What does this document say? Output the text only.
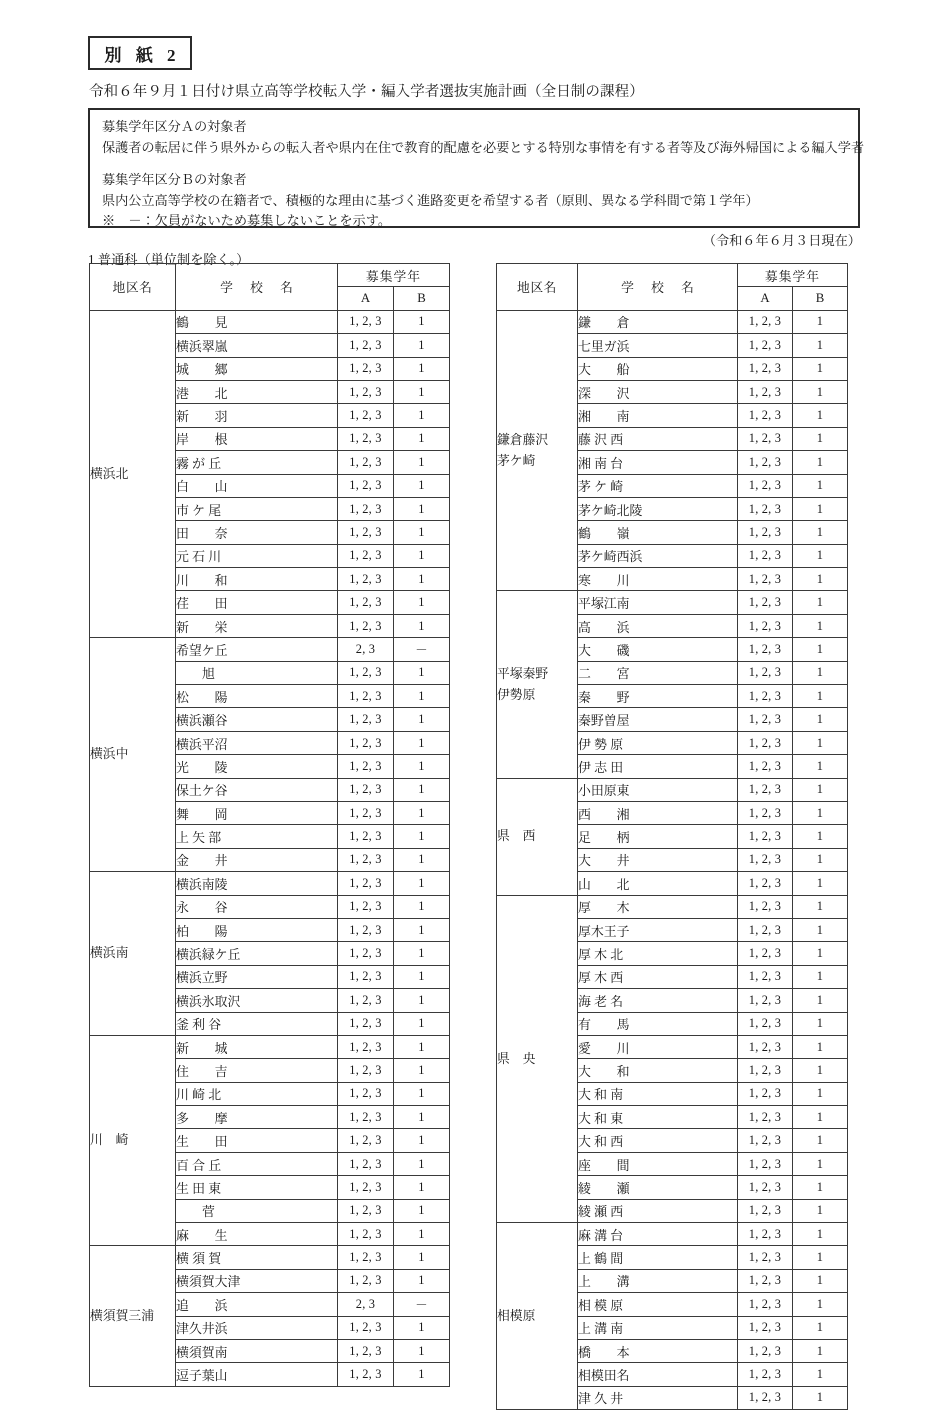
別 紙 2
令和６年９月１日付け県立高等学校転入学・編入学者選抜実施計画（全日制の課程）

募集学年区分Ａの対象者

保護者の転居に伴う県外からの転入者や県内在住で教育的配慮を必要とする特別な事情を有する者等及び海外帰国による編入学者

募集学年区分Ｂの対象者

県内公立高等学校の在籍者で、積極的な理由に基づく進路変更を希望する者（原則、異なる学科間で第１学年）

※　－：欠員がないため募集しないことを示す。

（令和６年６月３日現在）
1 普通科（単位制を除く。）
地区名	学 校 名	募集学年	
		A	B

横浜北	鶴　　見	1, 2, 3	1
	横浜翠嵐	1, 2, 3	1
	城　　郷	1, 2, 3	1
	港　　北	1, 2, 3	1
	新　　羽	1, 2, 3	1
	岸　　根	1, 2, 3	1
	霧 が 丘	1, 2, 3	1
	白　　山	1, 2, 3	1
	市 ケ 尾	1, 2, 3	1
	田　　奈	1, 2, 3	1
	元 石 川	1, 2, 3	1
	川　　和	1, 2, 3	1
	荏　　田	1, 2, 3	1
	新　　栄	1, 2, 3	1

横浜中	希望ケ丘	2, 3	－
	旭	1, 2, 3	1
	松　　陽	1, 2, 3	1
	横浜瀬谷	1, 2, 3	1
	横浜平沼	1, 2, 3	1
	光　　陵	1, 2, 3	1
	保土ケ谷	1, 2, 3	1
	舞　　岡	1, 2, 3	1
	上 矢 部	1, 2, 3	1
	金　　井	1, 2, 3	1

横浜南	横浜南陵	1, 2, 3	1
	永　　谷	1, 2, 3	1
	柏　　陽	1, 2, 3	1
	横浜緑ケ丘	1, 2, 3	1
	横浜立野	1, 2, 3	1
	横浜氷取沢	1, 2, 3	1
	釜 利 谷	1, 2, 3	1

川　崎	新　　城	1, 2, 3	1
	住　　吉	1, 2, 3	1
	川 崎 北	1, 2, 3	1
	多　　摩	1, 2, 3	1
	生　　田	1, 2, 3	1
	百 合 丘	1, 2, 3	1
	生 田 東	1, 2, 3	1
	菅	1, 2, 3	1
	麻　　生	1, 2, 3	1

横須賀三浦	横 須 賀	1, 2, 3	1
	横須賀大津	1, 2, 3	1
	追　　浜	2, 3	－
	津久井浜	1, 2, 3	1
	横須賀南	1, 2, 3	1
	逗子葉山	1, 2, 3	1
地区名	学 校 名	募集学年	
		A	B

鎌倉藤沢
茅ケ崎	鎌　　倉	1, 2, 3	1
	七里ガ浜	1, 2, 3	1
	大　　船	1, 2, 3	1
	深　　沢	1, 2, 3	1
	湘　　南	1, 2, 3	1
	藤 沢 西	1, 2, 3	1
	湘 南 台	1, 2, 3	1
	茅 ケ 崎	1, 2, 3	1
	茅ケ崎北陵	1, 2, 3	1
	鶴　　嶺	1, 2, 3	1
	茅ケ崎西浜	1, 2, 3	1
	寒　　川	1, 2, 3	1

平塚秦野
伊勢原	平塚江南	1, 2, 3	1
	高　　浜	1, 2, 3	1
	大　　磯	1, 2, 3	1
	二　　宮	1, 2, 3	1
	秦　　野	1, 2, 3	1
	秦野曽屋	1, 2, 3	1
	伊 勢 原	1, 2, 3	1
	伊 志 田	1, 2, 3	1

県　西	小田原東	1, 2, 3	1
	西　　湘	1, 2, 3	1
	足　　柄	1, 2, 3	1
	大　　井	1, 2, 3	1
	山　　北	1, 2, 3	1

県　央	厚　　木	1, 2, 3	1
	厚木王子	1, 2, 3	1
	厚 木 北	1, 2, 3	1
	厚 木 西	1, 2, 3	1
	海 老 名	1, 2, 3	1
	有　　馬	1, 2, 3	1
	愛　　川	1, 2, 3	1
	大　　和	1, 2, 3	1
	大 和 南	1, 2, 3	1
	大 和 東	1, 2, 3	1
	大 和 西	1, 2, 3	1
	座　　間	1, 2, 3	1
	綾　　瀬	1, 2, 3	1
	綾 瀬 西	1, 2, 3	1

相模原	麻 溝 台	1, 2, 3	1
	上 鶴 間	1, 2, 3	1
	上　　溝	1, 2, 3	1
	相 模 原	1, 2, 3	1
	上 溝 南	1, 2, 3	1
	橋　　本	1, 2, 3	1
	相模田名	1, 2, 3	1
	津 久 井	1, 2, 3	1
